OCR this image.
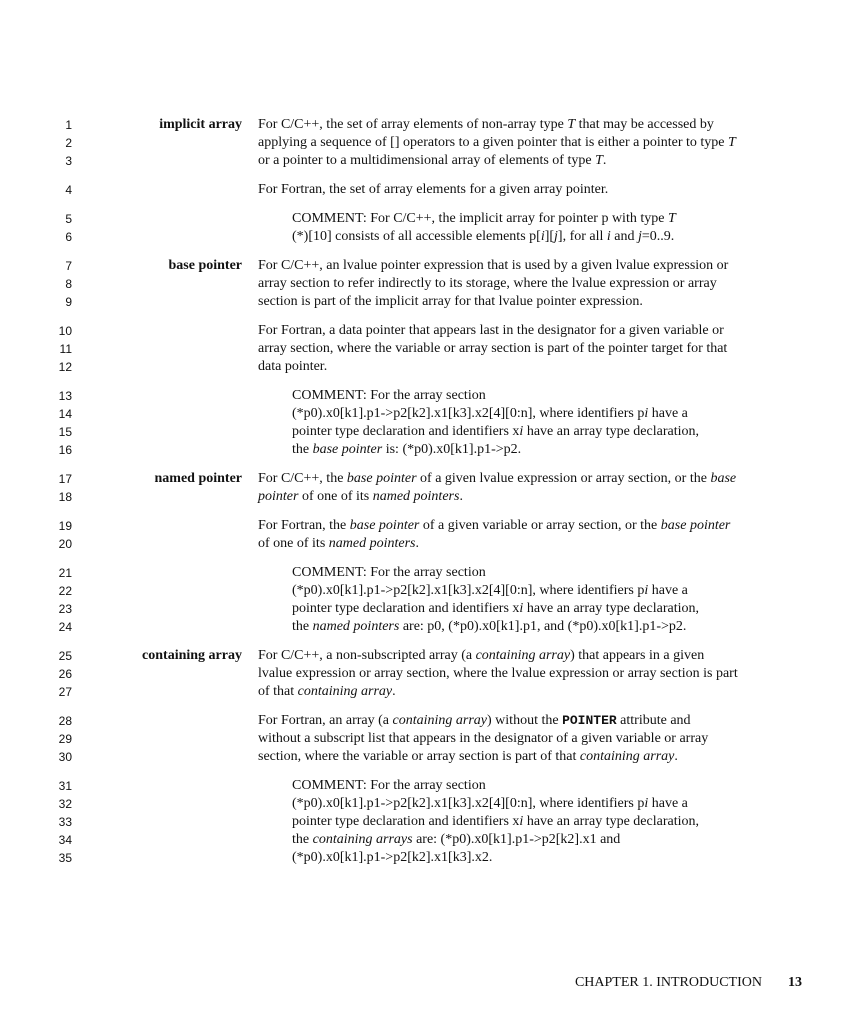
1
2
3
4
5
6
7
8
9
10
11
12
13
14
15
16
17
18
19
20
21
22
23
24
25
26
27
28
29
30
31
32
33
34
35
implicit array
base pointer
named pointer
containing array
For C/C++, the set of array elements of non-array type T that may be accessed by
applying a sequence of [] operators to a given pointer that is either a pointer to type T
or a pointer to a multidimensional array of elements of type T.
For Fortran, the set of array elements for a given array pointer.
COMMENT: For C/C++, the implicit array for pointer p with type T
(*)[10] consists of all accessible elements p[i][j], for all i and j=0..9.
For C/C++, an lvalue pointer expression that is used by a given lvalue expression or
array section to refer indirectly to its storage, where the lvalue expression or array
section is part of the implicit array for that lvalue pointer expression.
For Fortran, a data pointer that appears last in the designator for a given variable or
array section, where the variable or array section is part of the pointer target for that
data pointer.
COMMENT: For the array section
(*p0).x0[k1].p1->p2[k2].x1[k3].x2[4][0:n], where identifiers pi have a
pointer type declaration and identifiers xi have an array type declaration,
the base pointer is: (*p0).x0[k1].p1->p2.
For C/C++, the base pointer of a given lvalue expression or array section, or the base
pointer of one of its named pointers.
For Fortran, the base pointer of a given variable or array section, or the base pointer
of one of its named pointers.
COMMENT: For the array section
(*p0).x0[k1].p1->p2[k2].x1[k3].x2[4][0:n], where identifiers pi have a
pointer type declaration and identifiers xi have an array type declaration,
the named pointers are: p0, (*p0).x0[k1].p1, and (*p0).x0[k1].p1->p2.
For C/C++, a non-subscripted array (a containing array) that appears in a given
lvalue expression or array section, where the lvalue expression or array section is part
of that containing array.
For Fortran, an array (a containing array) without the POINTER attribute and
without a subscript list that appears in the designator of a given variable or array
section, where the variable or array section is part of that containing array.
COMMENT: For the array section
(*p0).x0[k1].p1->p2[k2].x1[k3].x2[4][0:n], where identifiers pi have a
pointer type declaration and identifiers xi have an array type declaration,
the containing arrays are: (*p0).x0[k1].p1->p2[k2].x1 and
(*p0).x0[k1].p1->p2[k2].x1[k3].x2.
CHAPTER 1. INTRODUCTION 13
